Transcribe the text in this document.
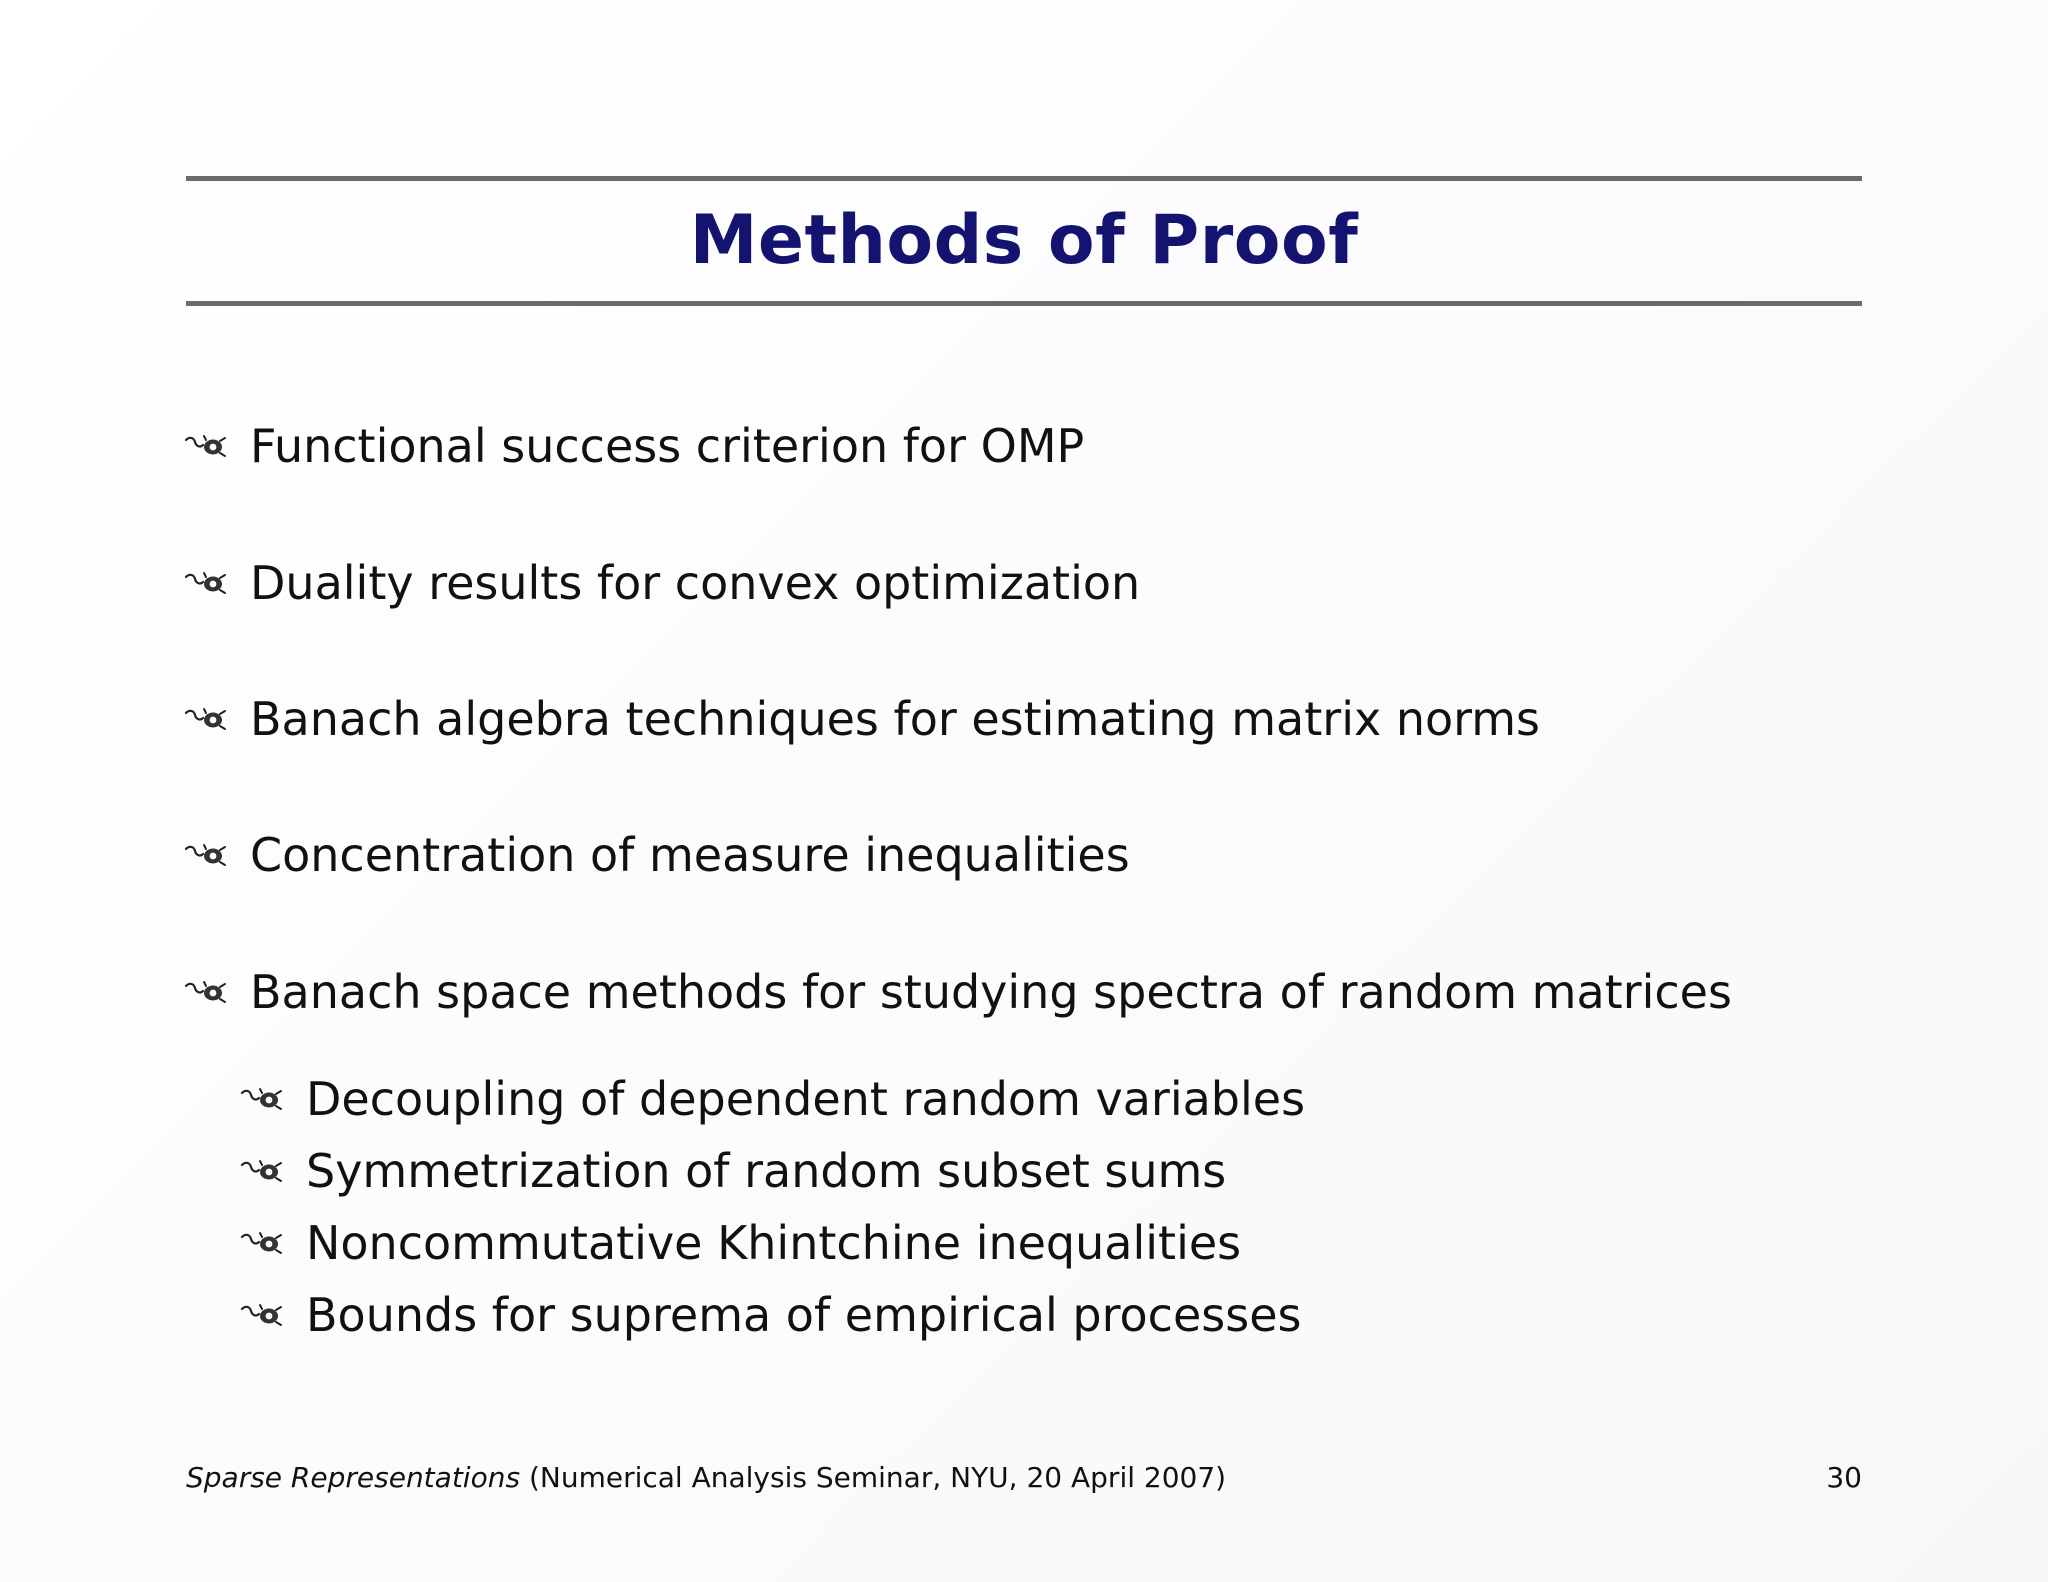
Methods of Proof
Functional success criterion for OMP
Duality results for convex optimization
Banach algebra techniques for estimating matrix norms
Concentration of measure inequalities
Banach space methods for studying spectra of random matrices
Decoupling of dependent random variables
Symmetrization of random subset sums
Noncommutative Khintchine inequalities
Bounds for suprema of empirical processes
Sparse Representations (Numerical Analysis Seminar, NYU, 20 April 2007)	30
